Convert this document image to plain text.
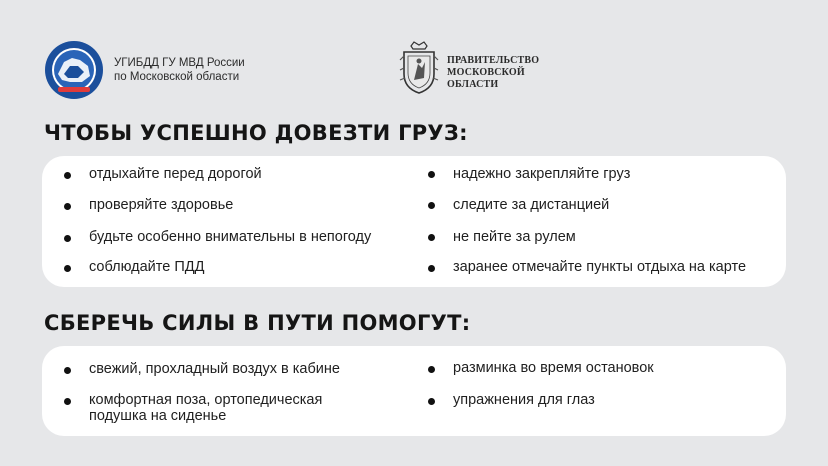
УГИБДД ГУ МВД России
по Московской области
ПРАВИТЕЛЬСТВО
МОСКОВСКОЙ
ОБЛАСТИ
ЧТОБЫ УСПЕШНО ДОВЕЗТИ ГРУЗ:
отдыхайте перед дорогой
проверяйте здоровье
будьте особенно внимательны в непогоду
соблюдайте ПДД
надежно закрепляйте груз
следите за дистанцией
не пейте за рулем
заранее отмечайте пункты отдыха на карте
СБЕРЕЧЬ СИЛЫ В ПУТИ ПОМОГУТ:
свежий, прохладный воздух в кабине
комфортная поза, ортопедическая
подушка на сиденье
разминка во время остановок
упражнения для глаз
